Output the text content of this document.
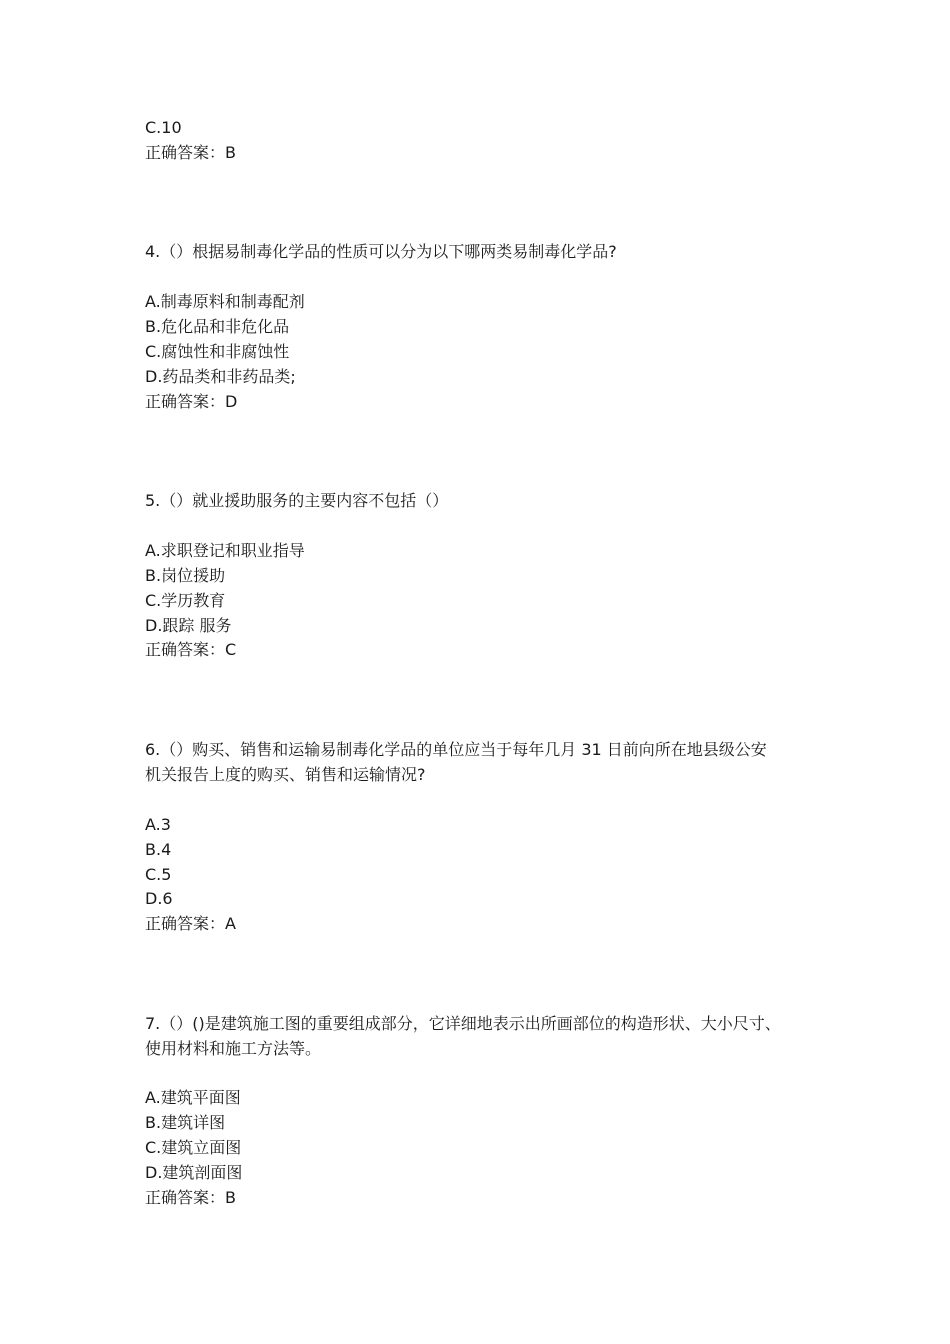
C.10
正确答案：B
4.（）根据易制毒化学品的性质可以分为以下哪两类易制毒化学品?
A.制毒原料和制毒配剂
B.危化品和非危化品
C.腐蚀性和非腐蚀性
D.药品类和非药品类;
正确答案：D
5.（）就业援助服务的主要内容不包括（）
A.求职登记和职业指导
B.岗位援助
C.学历教育
D.跟踪 服务
正确答案：C
6.（）购买、销售和运输易制毒化学品的单位应当于每年几月 31 日前向所在地县级公安
机关报告上度的购买、销售和运输情况?
A.3
B.4
C.5
D.6
正确答案：A
7.（）()是建筑施工图的重要组成部分，它详细地表示出所画部位的构造形状、大小尺寸、
使用材料和施工方法等。
A.建筑平面图
B.建筑详图
C.建筑立面图
D.建筑剖面图
正确答案：B
